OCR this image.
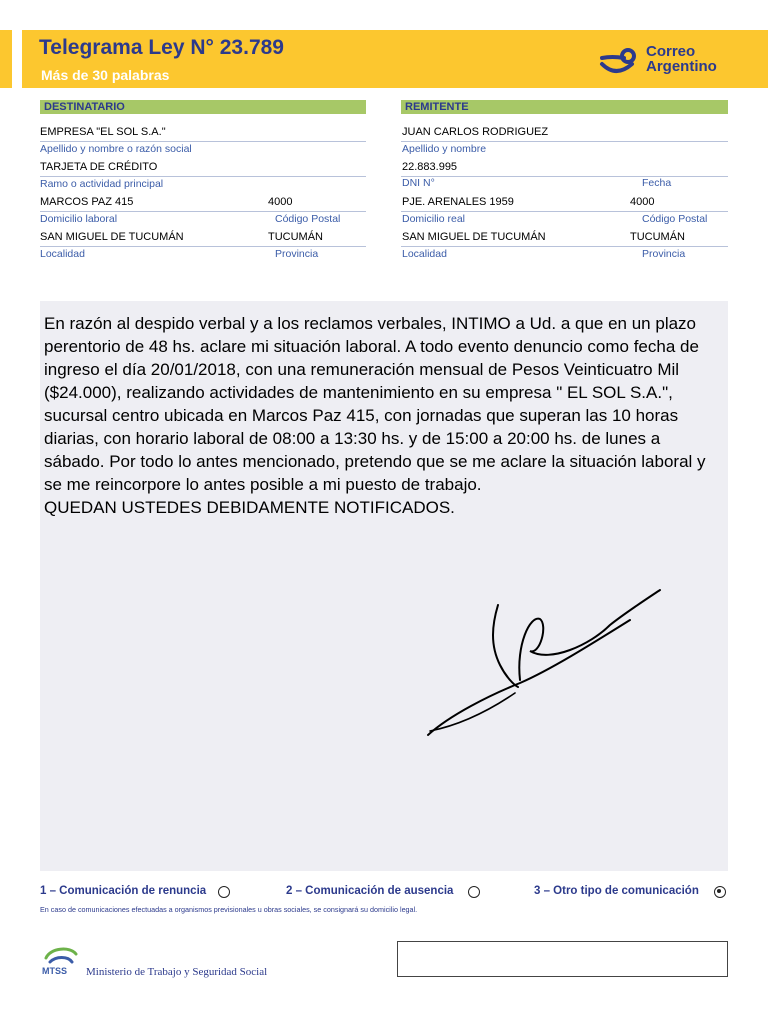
Telegrama Ley N° 23.789
Más de 30 palabras
Correo
Argentino
DESTINATARIO
EMPRESA "EL SOL S.A."
Apellido y nombre o razón social
TARJETA DE CRÉDITO
Ramo o actividad principal
MARCOS PAZ 415	4000
Domicilio laboral	Código Postal
SAN MIGUEL DE TUCUMÁN	TUCUMÁN
Localidad	Provincia
REMITENTE
JUAN CARLOS RODRIGUEZ
Apellido y nombre
22.883.995
DNI N°	Fecha
PJE. ARENALES 1959	4000
Domicilio real	Código Postal
SAN MIGUEL DE TUCUMÁN	TUCUMÁN
Localidad	Provincia
En razón al despido verbal y a los reclamos verbales, INTIMO a Ud. a que en un plazo perentorio de 48 hs. aclare mi situación laboral. A todo evento denuncio como fecha de ingreso el día 20/01/2018, con una remuneración mensual de Pesos Veinticuatro Mil ($24.000), realizando actividades de mantenimiento en su empresa " EL SOL S.A.", sucursal centro ubicada en Marcos Paz 415, con jornadas que superan las 10 horas diarias, con horario laboral de 08:00 a 13:30 hs. y de 15:00 a 20:00 hs. de lunes a sábado. Por todo lo antes mencionado, pretendo que se me aclare la situación laboral y se me reincorpore lo antes posible a mi puesto de trabajo.
QUEDAN USTEDES DEBIDAMENTE NOTIFICADOS.
1 – Comunicación de renuncia	2 – Comunicación de ausencia	3 – Otro tipo de comunicación
En caso de comunicaciones efectuadas a organismos previsionales u obras sociales, se consignará su domicilio legal.
MTSS Ministerio de Trabajo y Seguridad Social
